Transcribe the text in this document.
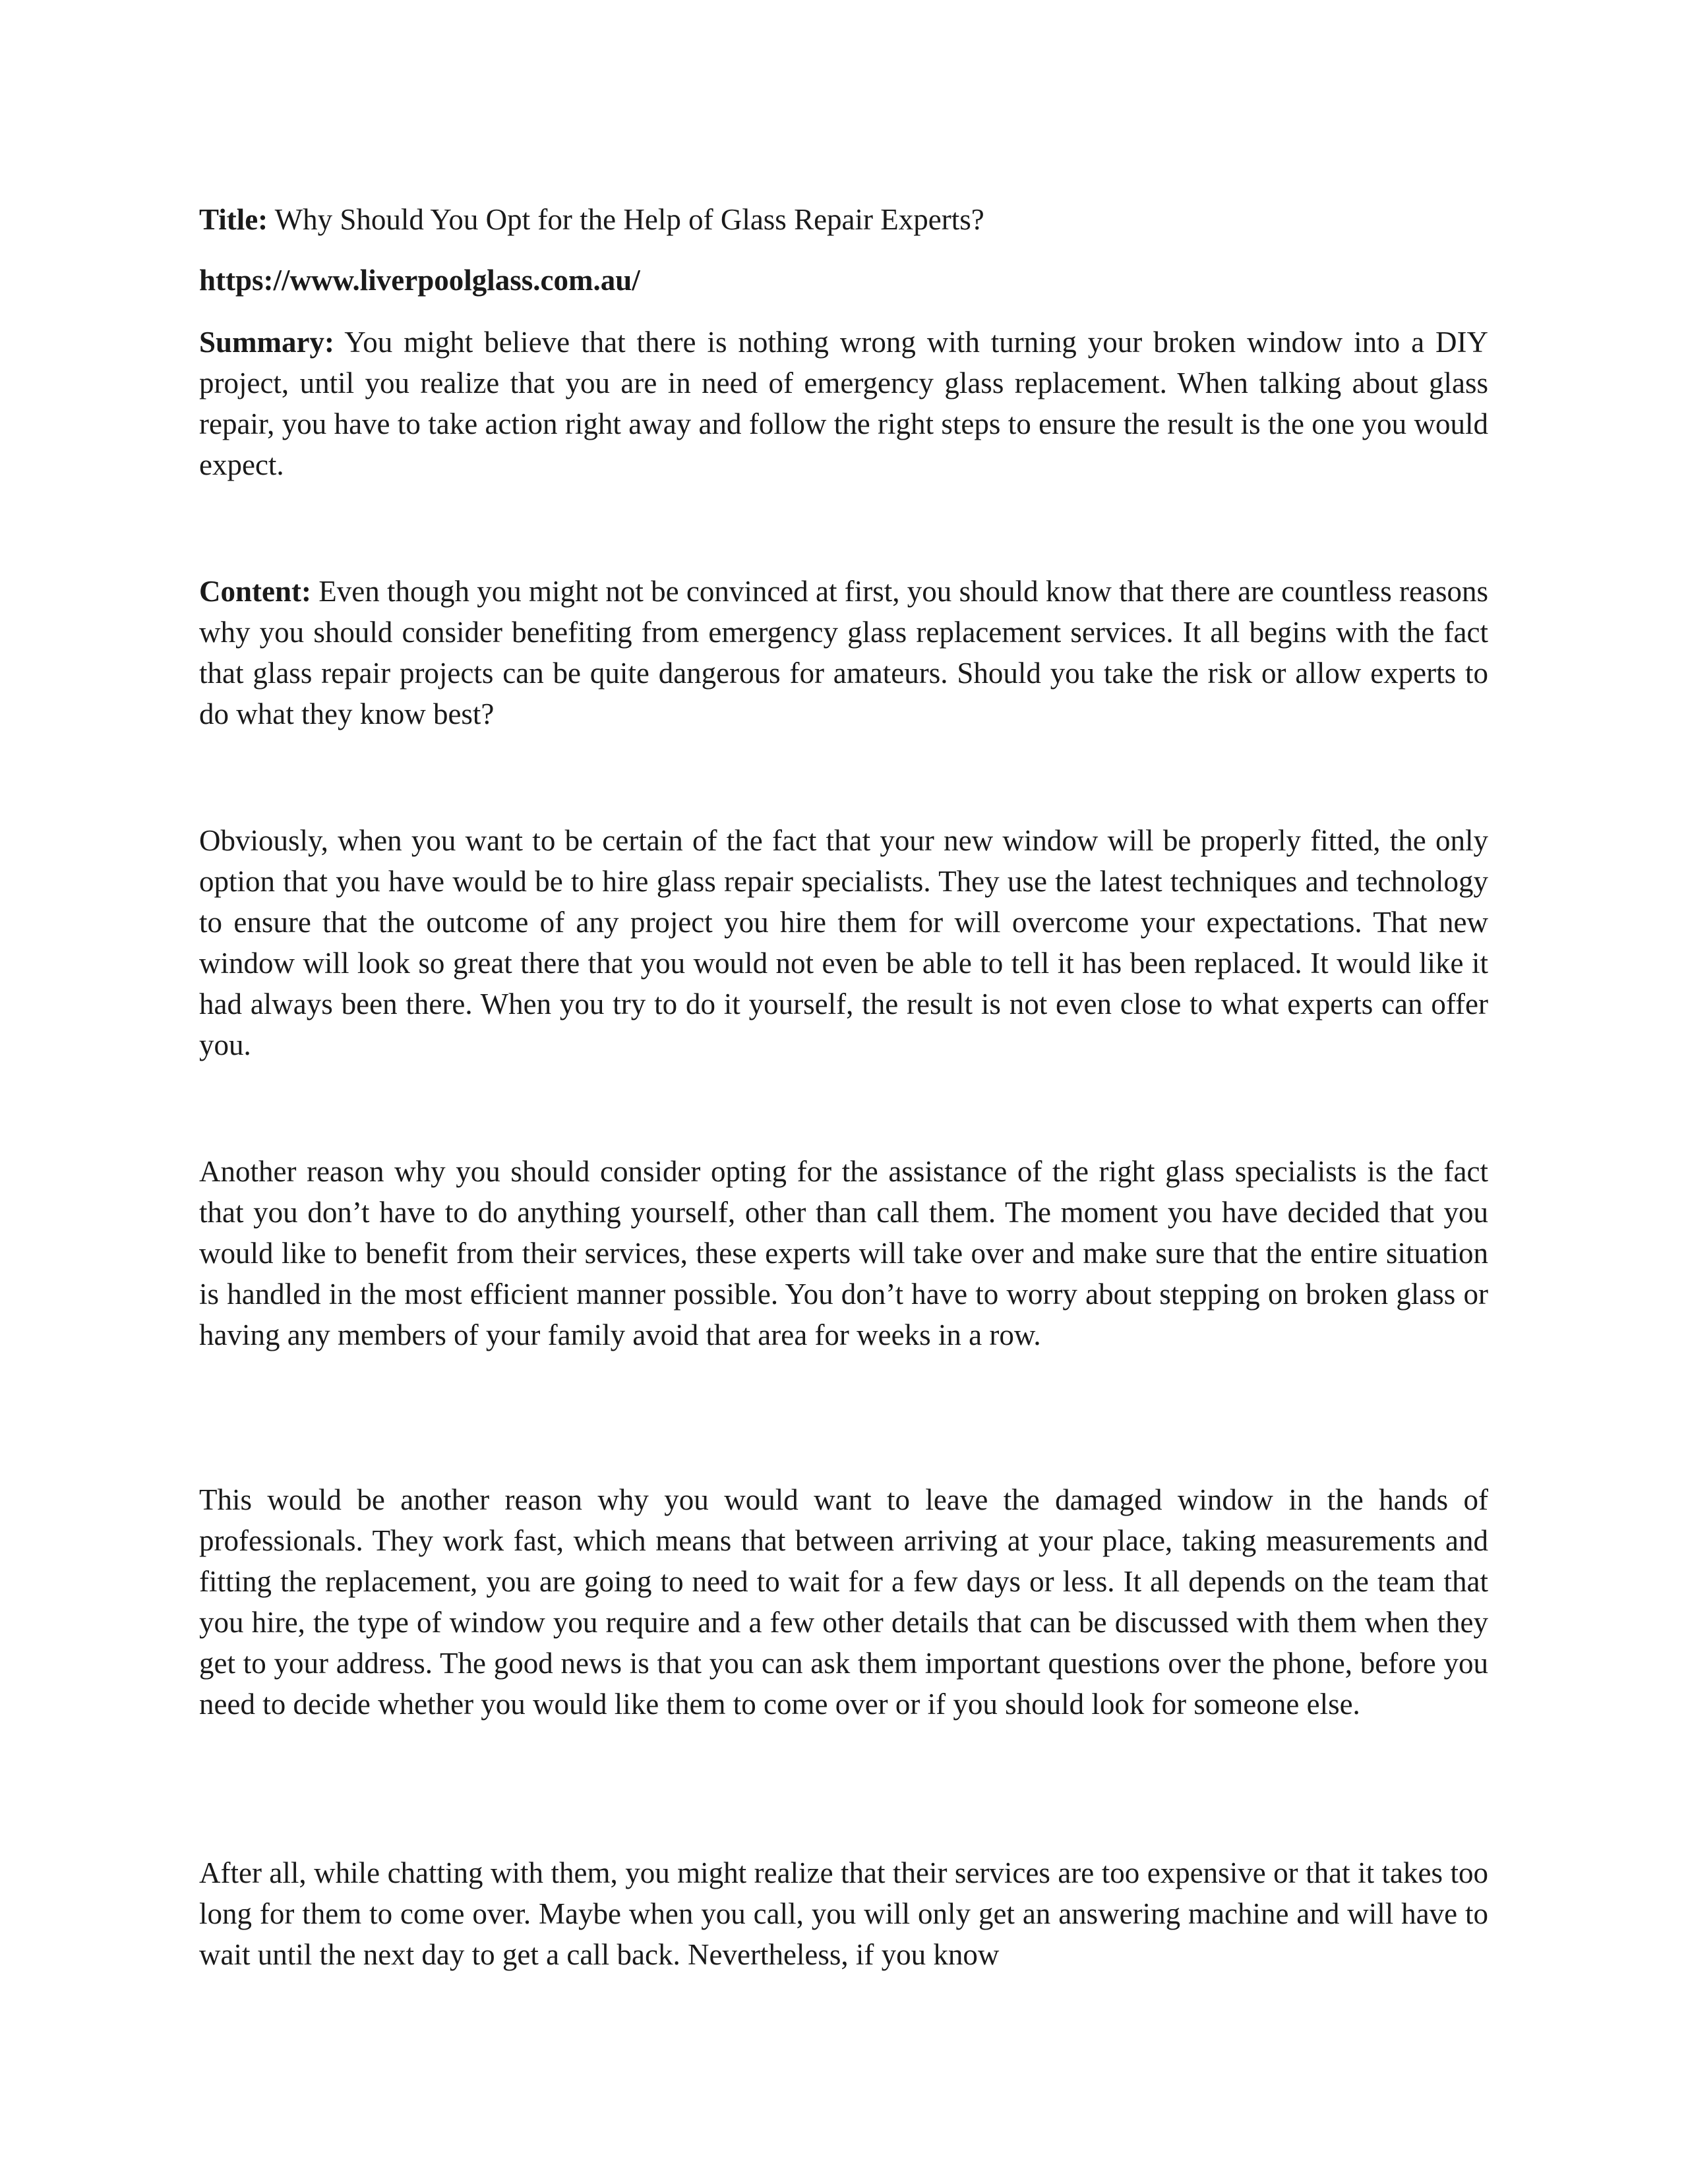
Title: Why Should You Opt for the Help of Glass Repair Experts?

https://www.liverpoolglass.com.au/

Summary: You might believe that there is nothing wrong with turning your broken window into a DIY project, until you realize that you are in need of emergency glass replacement. When talking about glass repair, you have to take action right away and follow the right steps to ensure the result is the one you would expect.

Content: Even though you might not be convinced at first, you should know that there are countless reasons why you should consider benefiting from emergency glass replacement services. It all begins with the fact that glass repair projects can be quite dangerous for amateurs. Should you take the risk or allow experts to do what they know best?

Obviously, when you want to be certain of the fact that your new window will be properly fitted, the only option that you have would be to hire glass repair specialists. They use the latest techniques and technology to ensure that the outcome of any project you hire them for will overcome your expectations. That new window will look so great there that you would not even be able to tell it has been replaced. It would like it had always been there. When you try to do it yourself, the result is not even close to what experts can offer you.

Another reason why you should consider opting for the assistance of the right glass specialists is the fact that you don’t have to do anything yourself, other than call them. The moment you have decided that you would like to benefit from their services, these experts will take over and make sure that the entire situation is handled in the most efficient manner possible. You don’t have to worry about stepping on broken glass or having any members of your family avoid that area for weeks in a row.

This would be another reason why you would want to leave the damaged window in the hands of professionals. They work fast, which means that between arriving at your place, taking measurements and fitting the replacement, you are going to need to wait for a few days or less. It all depends on the team that you hire, the type of window you require and a few other details that can be discussed with them when they get to your address. The good news is that you can ask them important questions over the phone, before you need to decide whether you would like them to come over or if you should look for someone else.

After all, while chatting with them, you might realize that their services are too expensive or that it takes too long for them to come over. Maybe when you call, you will only get an answering machine and will have to wait until the next day to get a call back. Nevertheless, if you know
